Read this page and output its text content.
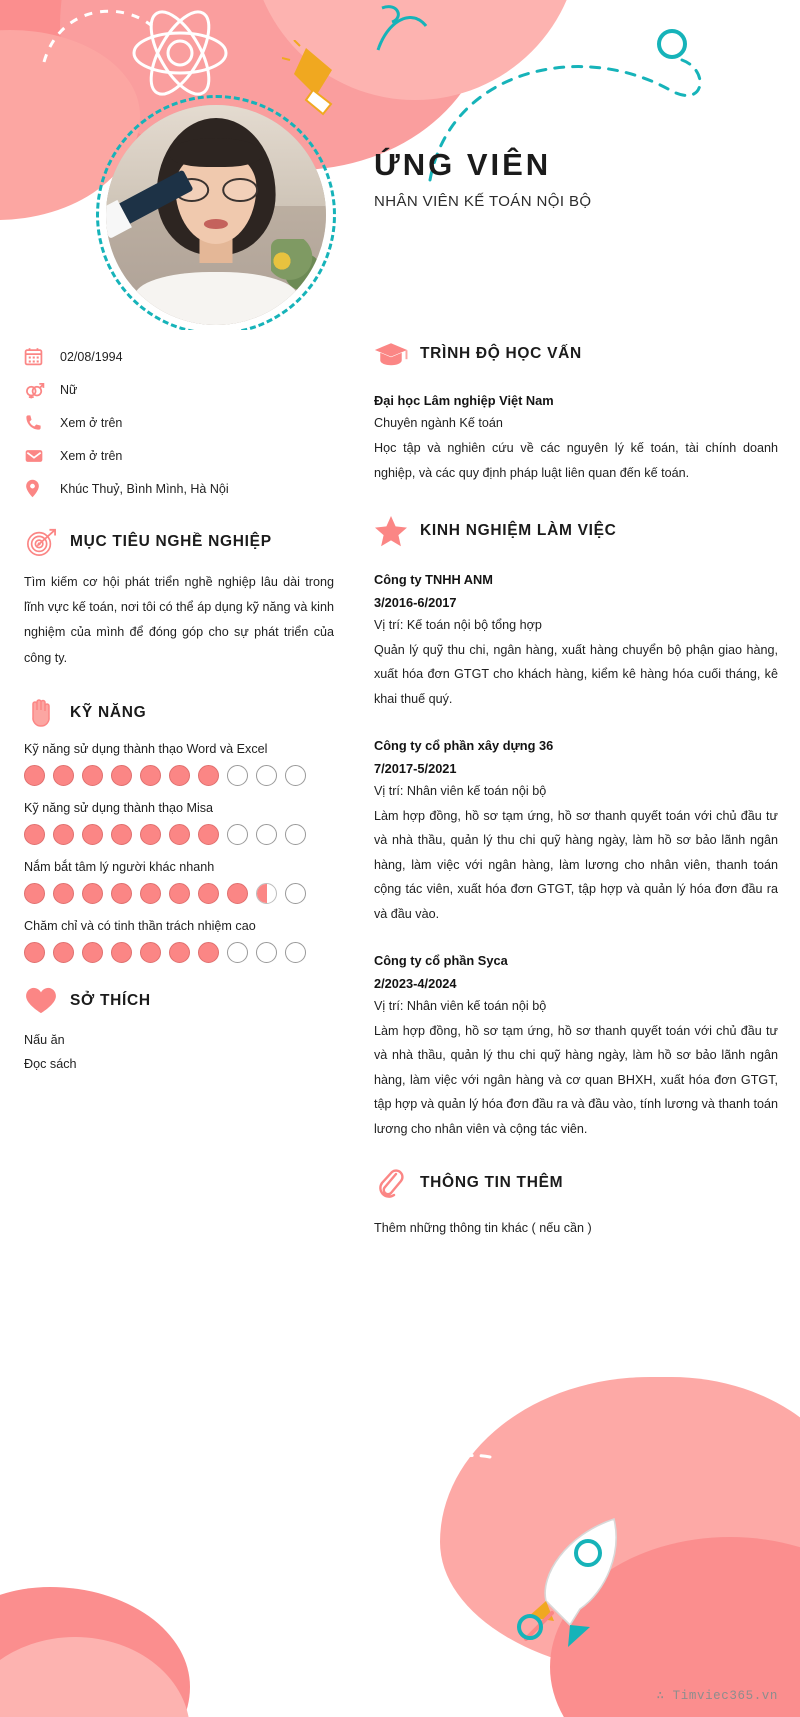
ỨNG VIÊN
NHÂN VIÊN KẾ TOÁN NỘI BỘ
02/08/1994
Nữ
Xem ở trên
Xem ở trên
Khúc Thuỷ, Bình Mình, Hà Nội
MỤC TIÊU NGHỀ NGHIỆP
Tìm kiếm cơ hội phát triển nghề nghiệp lâu dài trong lĩnh vực kế toán, nơi tôi có thể áp dụng kỹ năng và kinh nghiệm của mình để đóng góp cho sự phát triển của công ty.
KỸ NĂNG
Kỹ năng sử dụng thành thạo Word và Excel
Kỹ năng sử dụng thành thạo Misa
Nắm bắt tâm lý người khác nhanh
Chăm chỉ và có tinh thần trách nhiệm cao
SỞ THÍCH
Nấu ăn
Đọc sách
TRÌNH ĐỘ HỌC VẤN
Đại học Lâm nghiệp Việt Nam
Chuyên ngành Kế toán
Học tập và nghiên cứu về các nguyên lý kế toán, tài chính doanh nghiệp, và các quy định pháp luật liên quan đến kế toán.
KINH NGHIỆM LÀM VIỆC
Công ty TNHH ANM
3/2016-6/2017
Vị trí: Kế toán nội bộ tổng hợp
Quản lý quỹ thu chi, ngân hàng, xuất hàng chuyển bộ phận giao hàng, xuất hóa đơn GTGT cho khách hàng, kiểm kê hàng hóa cuối tháng, kê khai thuế quý.
Công ty cổ phần xây dựng 36
7/2017-5/2021
Vị trí: Nhân viên kế toán nội bộ
Làm hợp đồng, hồ sơ tạm ứng, hồ sơ thanh quyết toán với chủ đầu tư và nhà thầu, quản lý thu chi quỹ hàng ngày, làm hồ sơ bảo lãnh ngân hàng, làm việc với ngân hàng, làm lương cho nhân viên, thanh toán cộng tác viên, xuất hóa đơn GTGT, tập hợp và quản lý hóa đơn đầu ra và đầu vào.
Công ty cổ phần Syca
2/2023-4/2024
Vị trí: Nhân viên kế toán nội bộ
Làm hợp đồng, hồ sơ tạm ứng, hồ sơ thanh quyết toán với chủ đầu tư và nhà thầu, quản lý thu chi quỹ hàng ngày, làm hồ sơ bảo lãnh ngân hàng, làm việc với ngân hàng và cơ quan BHXH, xuất hóa đơn GTGT, tập hợp và quản lý hóa đơn đầu ra và đầu vào, tính lương và thanh toán lương cho nhân viên và cộng tác viên.
THÔNG TIN THÊM
Thêm những thông tin khác ( nếu cần )
∴ Timviec365.vn
